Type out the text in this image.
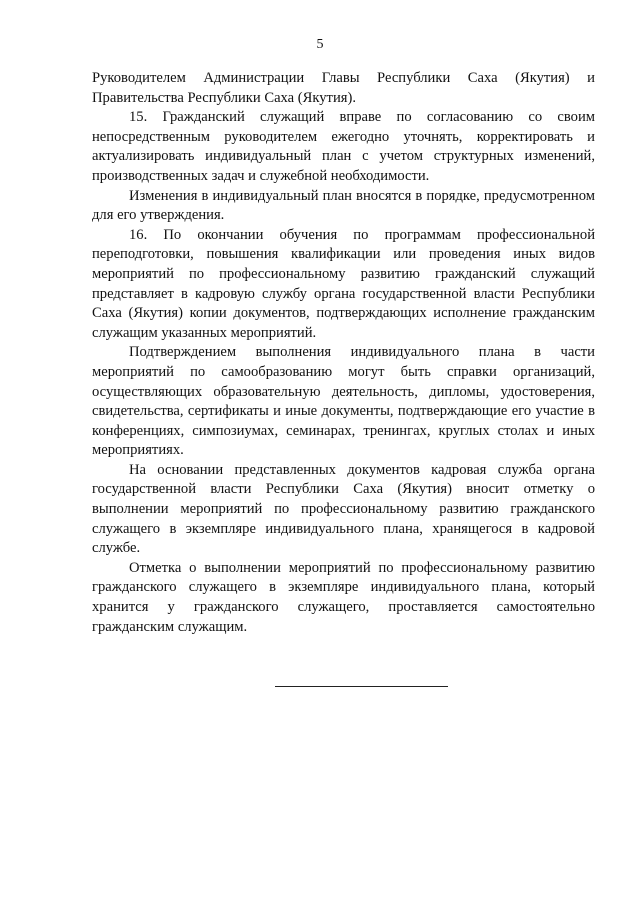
5

Руководителем Администрации Главы Республики Саха (Якутия) и Правительства Республики Саха (Якутия).

15. Гражданский служащий вправе по согласованию со своим непосредственным руководителем ежегодно уточнять, корректировать и актуализировать индивидуальный план с учетом структурных изменений, производственных задач и служебной необходимости.

Изменения в индивидуальный план вносятся в порядке, предусмотренном для его утверждения.

16. По окончании обучения по программам профессиональной переподготовки, повышения квалификации или проведения иных видов мероприятий по профессиональному развитию гражданский служащий представляет в кадровую службу органа государственной власти Республики Саха (Якутия) копии документов, подтверждающих исполнение гражданским служащим указанных мероприятий.

Подтверждением выполнения индивидуального плана в части мероприятий по самообразованию могут быть справки организаций, осуществляющих образовательную деятельность, дипломы, удостоверения, свидетельства, сертификаты и иные документы, подтверждающие его участие в конференциях, симпозиумах, семинарах, тренингах, круглых столах и иных мероприятиях.

На основании представленных документов кадровая служба органа государственной власти Республики Саха (Якутия) вносит отметку о выполнении мероприятий по профессиональному развитию гражданского служащего в экземпляре индивидуального плана, хранящегося в кадровой службе.

Отметка о выполнении мероприятий по профессиональному развитию гражданского служащего в экземпляре индивидуального плана, который хранится у гражданского служащего, проставляется самостоятельно гражданским служащим.
